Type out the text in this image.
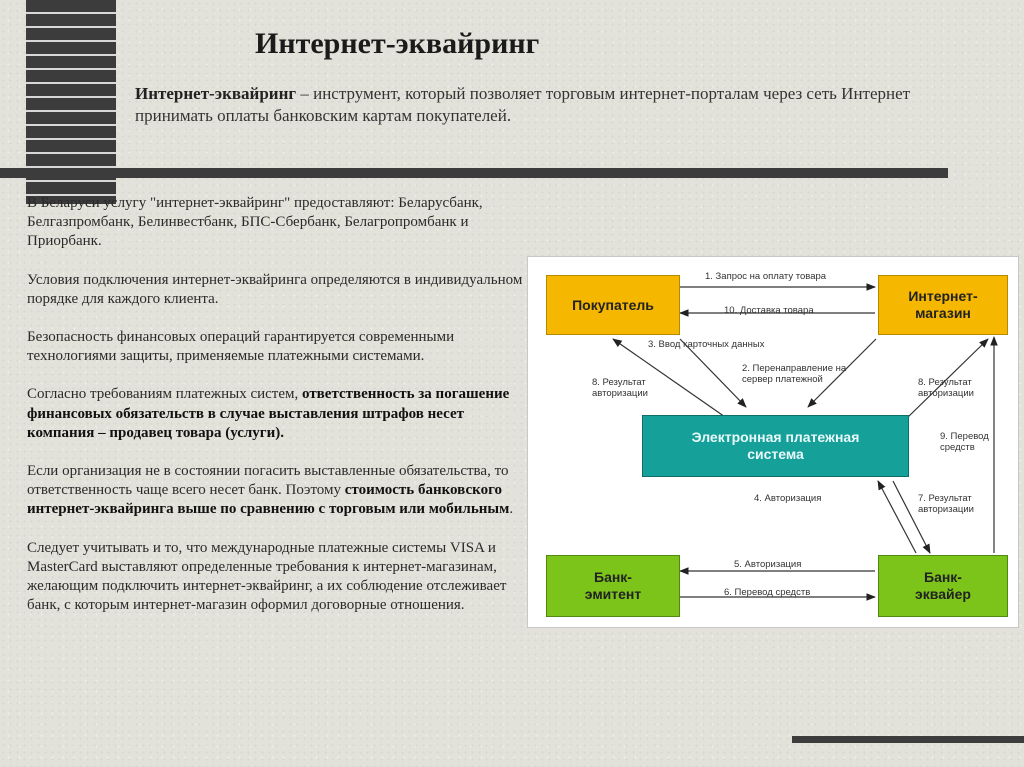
Интернет-эквайринг
Интернет-эквайринг – инструмент, который позволяет торговым интернет-порталам через сеть Интернет принимать оплаты банковским картам покупателей.

В Беларуси услугу "интернет-эквайринг" предоставляют: Беларусбанк, Белгазпромбанк, Белинвестбанк, БПС-Сбербанк, Белагропромбанк и Приорбанк.

Условия подключения интернет-эквайринга определяются в индивидуальном порядке для каждого клиента.

Безопасность финансовых операций гарантируется современными технологиями защиты, применяемые платежными системами.

Согласно требованиям платежных систем, ответственность за погашение финансовых обязательств в случае выставления штрафов несет компания – продавец товара (услуги).

Если организация не в состоянии погасить выставленные обязательства, то ответственность чаще всего несет банк. Поэтому стоимость банковского интернет-эквайринга выше по сравнению с торговым или мобильным.

Следует учитывать и то, что международные платежные системы VISA и MasterCard выставляют определенные требования к интернет-магазинам, желающим подключить интернет-эквайринг, а их соблюдение отслеживает банк, с которым интернет-магазин оформил договорные отношения.

Покупатель
Интернет-магазин
Электронная платежная система
Банк-эмитент
Банк-эквайер
1. Запрос на оплату товара
10. Доставка товара
3. Ввод карточных данных
2. Перенаправление на сервер платежной
8. Результат авторизации
8. Результат авторизации
9. Перевод средств
4. Авторизация	7. Результат авторизации
5. Авторизация
6. Перевод средств
